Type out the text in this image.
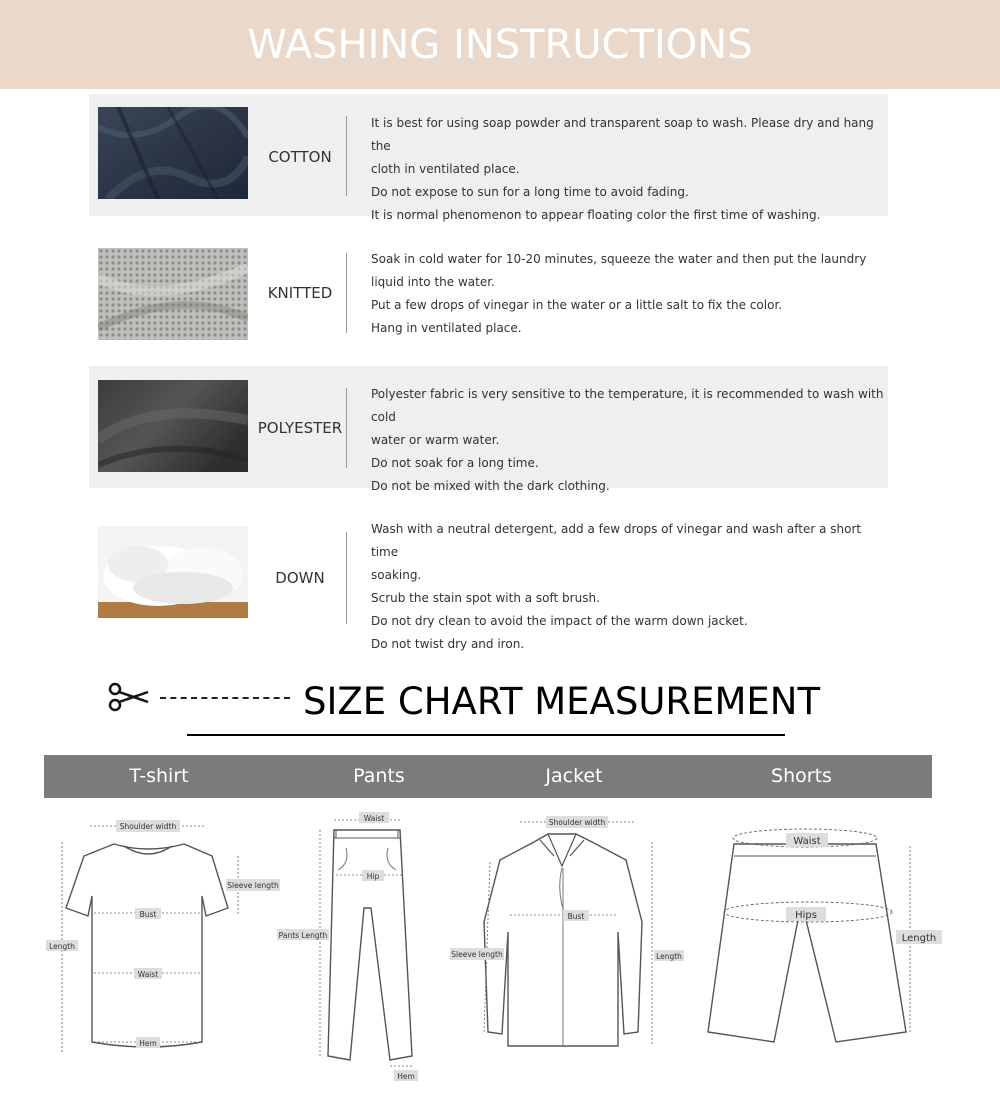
WASHING INSTRUCTIONS
COTTON

It is best for using soap powder and transparent soap to wash. Please dry and hang the

cloth in ventilated place.

Do not expose to sun for a long time to avoid fading.

It is normal phenomenon to appear floating color the first time of washing.

KNITTED

Soak in cold water for 10-20 minutes, squeeze the water and then put the laundry

liquid into the water.

Put a few drops of vinegar in the water or a little salt to fix the color.

Hang in ventilated place.

POLYESTER

Polyester fabric is very sensitive to the temperature, it is recommended to wash with cold

water or warm water.

Do not soak for a long time.

Do not be mixed with the dark clothing.

DOWN

Wash with a neutral detergent, add a few drops of vinegar and wash after a short time

soaking.

Scrub the stain spot with a soft brush.

Do not dry clean to avoid the impact of the warm down jacket.

Do not twist dry and iron.

SIZE CHART MEASUREMENT
T-shirt	Pants	Jacket	Shorts
Shoulder width
Sleeve length
Bust
Length
Waist
Hem
Waist
Hip
Pants Length
Hem
Shoulder width
Bust
Sleeve length	Length
Waist
Hips
Length
